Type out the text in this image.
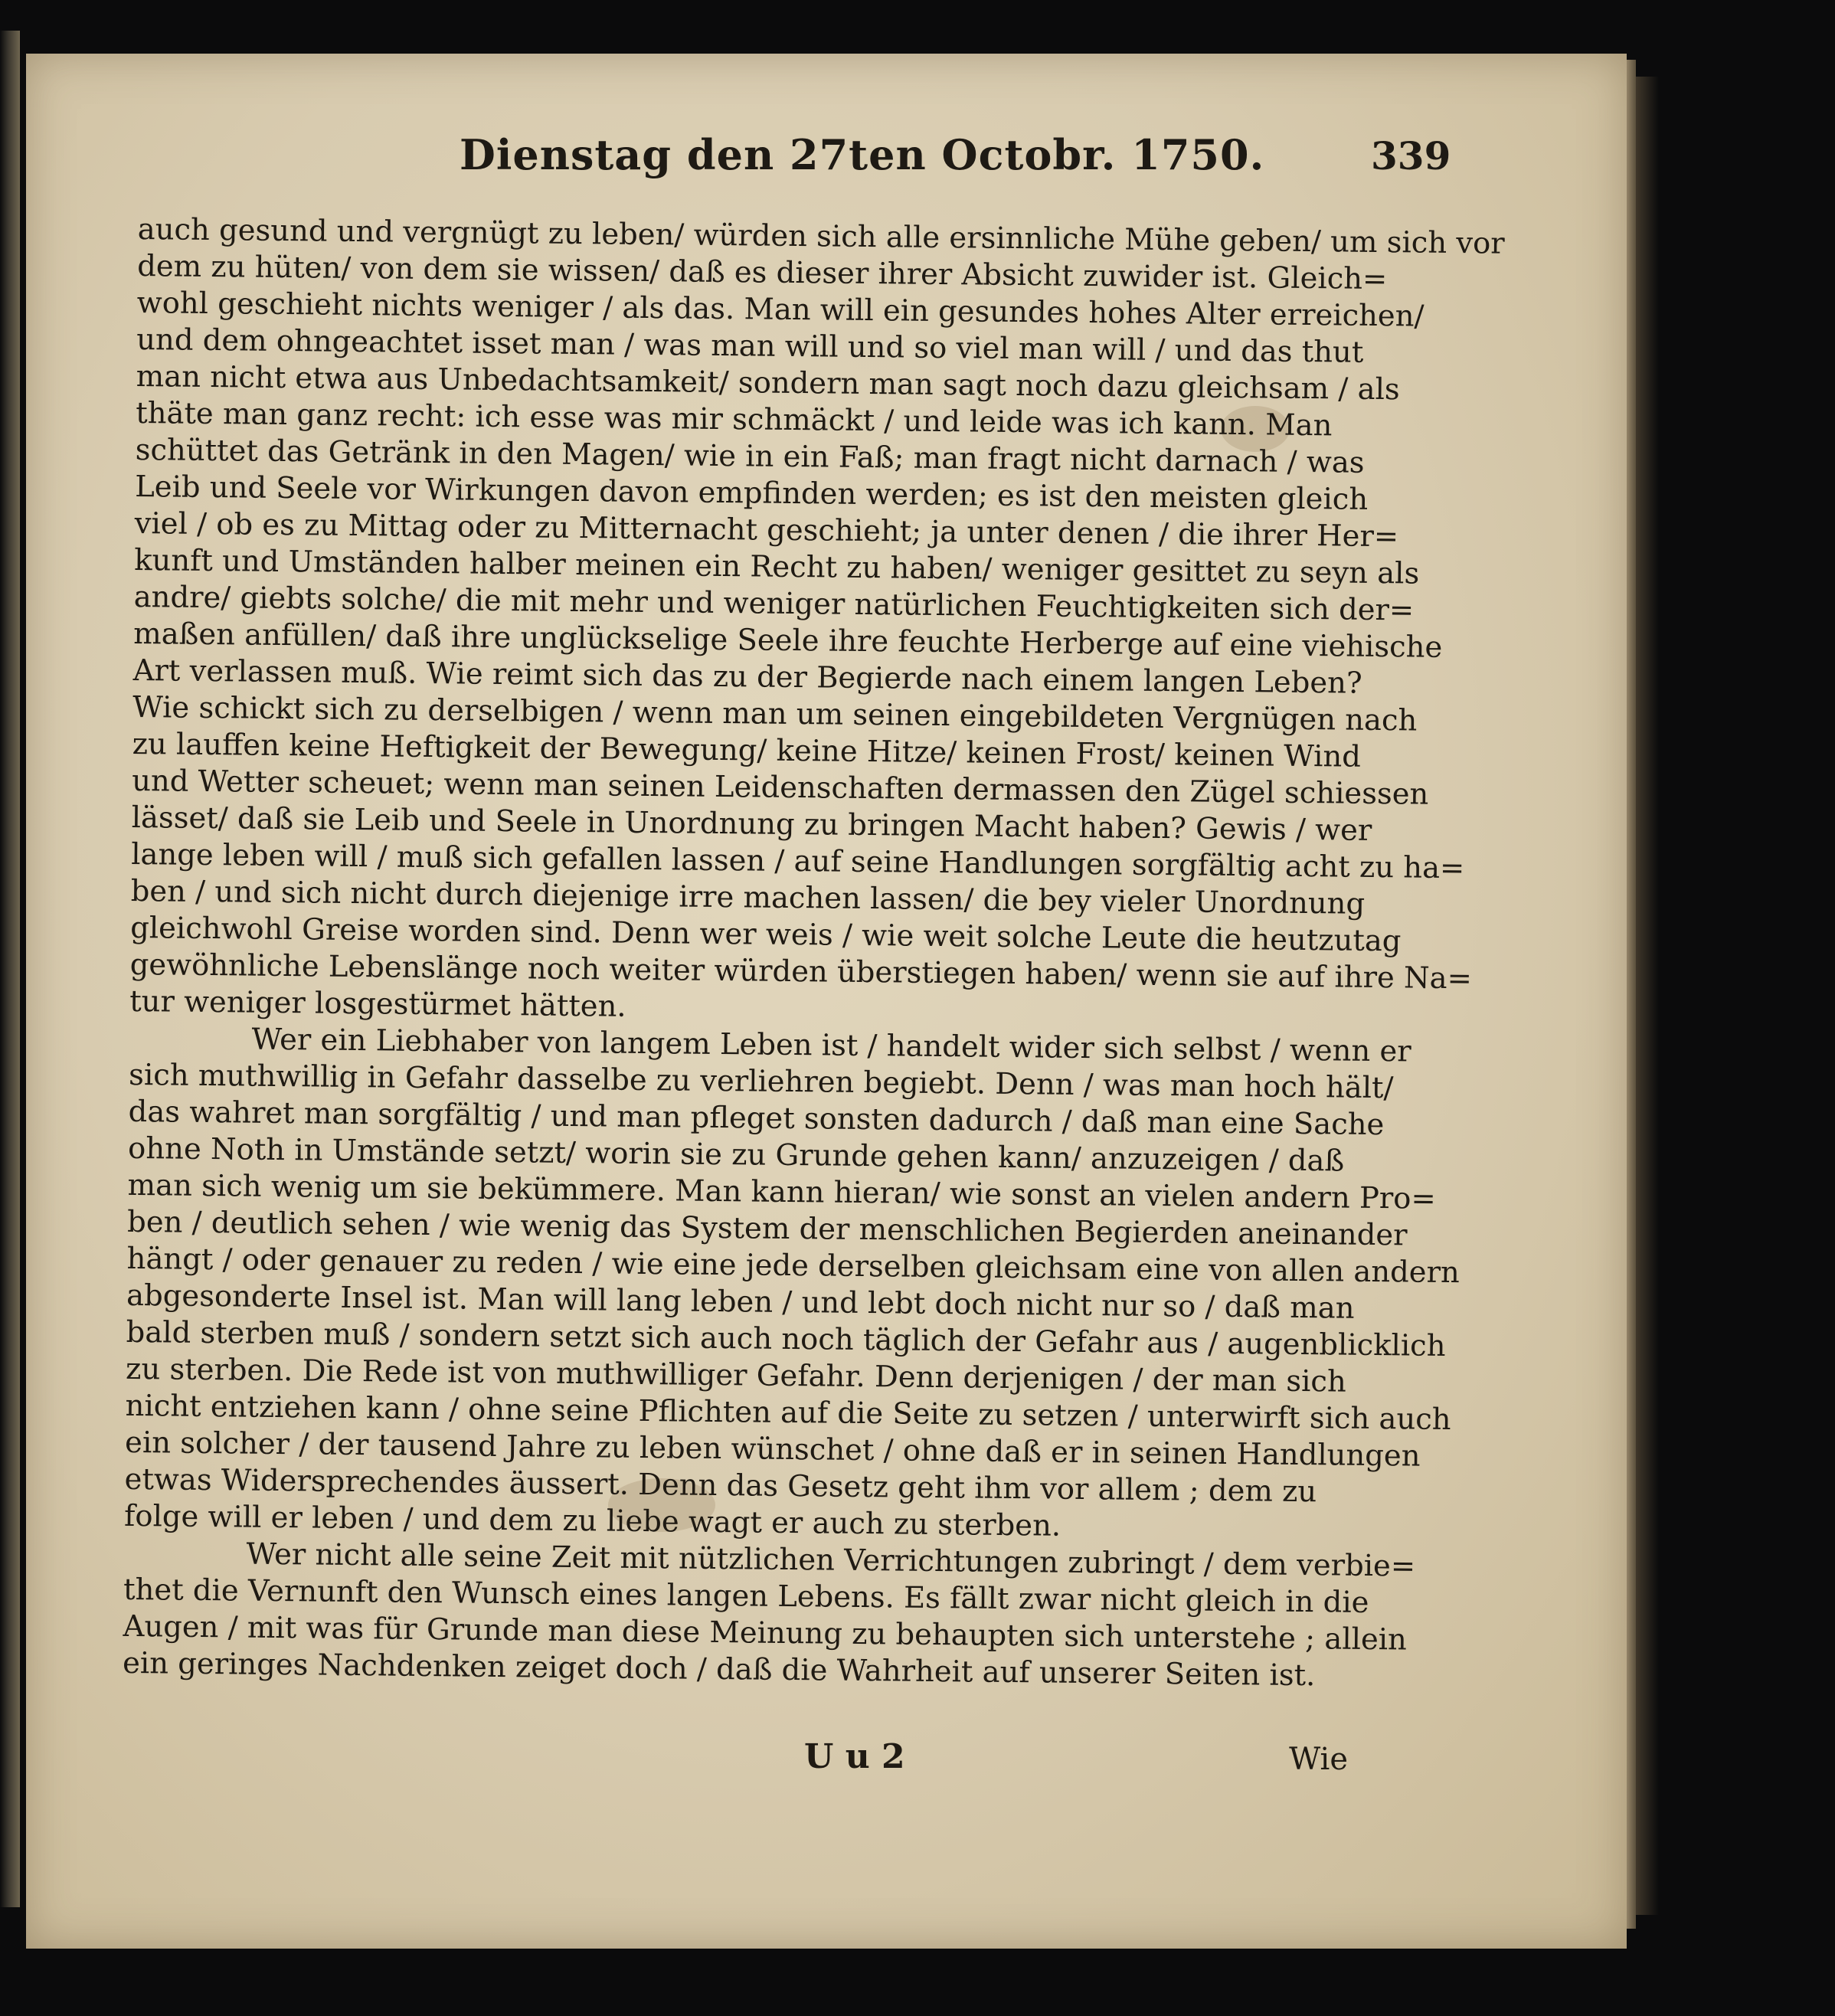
Dienstag den 27ten Octobr. 1750.	339
auch gesund und vergnügt zu leben/ würden sich alle ersinnliche Mühe geben/ um sich vor
dem zu hüten/ von dem sie wissen/ daß es dieser ihrer Absicht zuwider ist. Gleich=
wohl geschieht nichts weniger / als das. Man will ein gesundes hohes Alter erreichen/
und dem ohngeachtet isset man / was man will und so viel man will / und das thut
man nicht etwa aus Unbedachtsamkeit/ sondern man sagt noch dazu gleichsam / als
thäte man ganz recht: ich esse was mir schmäckt / und leide was ich kann. Man
schüttet das Getränk in den Magen/ wie in ein Faß; man fragt nicht darnach / was
Leib und Seele vor Wirkungen davon empfinden werden; es ist den meisten gleich
viel / ob es zu Mittag oder zu Mitternacht geschieht; ja unter denen / die ihrer Her=
kunft und Umständen halber meinen ein Recht zu haben/ weniger gesittet zu seyn als
andre/ giebts solche/ die mit mehr und weniger natürlichen Feuchtigkeiten sich der=
maßen anfüllen/ daß ihre unglückselige Seele ihre feuchte Herberge auf eine viehische
Art verlassen muß. Wie reimt sich das zu der Begierde nach einem langen Leben?
Wie schickt sich zu derselbigen / wenn man um seinen eingebildeten Vergnügen nach
zu lauffen keine Heftigkeit der Bewegung/ keine Hitze/ keinen Frost/ keinen Wind
und Wetter scheuet; wenn man seinen Leidenschaften dermassen den Zügel schiessen
lässet/ daß sie Leib und Seele in Unordnung zu bringen Macht haben? Gewis / wer
lange leben will / muß sich gefallen lassen / auf seine Handlungen sorgfältig acht zu ha=
ben / und sich nicht durch diejenige irre machen lassen/ die bey vieler Unordnung
gleichwohl Greise worden sind. Denn wer weis / wie weit solche Leute die heutzutag
gewöhnliche Lebenslänge noch weiter würden überstiegen haben/ wenn sie auf ihre Na=
tur weniger losgestürmet hätten.
Wer ein Liebhaber von langem Leben ist / handelt wider sich selbst / wenn er
sich muthwillig in Gefahr dasselbe zu verliehren begiebt. Denn / was man hoch hält/
das wahret man sorgfältig / und man pfleget sonsten dadurch / daß man eine Sache
ohne Noth in Umstände setzt/ worin sie zu Grunde gehen kann/ anzuzeigen / daß
man sich wenig um sie bekümmere. Man kann hieran/ wie sonst an vielen andern Pro=
ben / deutlich sehen / wie wenig das System der menschlichen Begierden aneinander
hängt / oder genauer zu reden / wie eine jede derselben gleichsam eine von allen andern
abgesonderte Insel ist. Man will lang leben / und lebt doch nicht nur so / daß man
bald sterben muß / sondern setzt sich auch noch täglich der Gefahr aus / augenblicklich
zu sterben. Die Rede ist von muthwilliger Gefahr. Denn derjenigen / der man sich
nicht entziehen kann / ohne seine Pflichten auf die Seite zu setzen / unterwirft sich auch
ein solcher / der tausend Jahre zu leben wünschet / ohne daß er in seinen Handlungen
etwas Widersprechendes äussert. Denn das Gesetz geht ihm vor allem ; dem zu
folge will er leben / und dem zu liebe wagt er auch zu sterben.
Wer nicht alle seine Zeit mit nützlichen Verrichtungen zubringt / dem verbie=
thet die Vernunft den Wunsch eines langen Lebens. Es fällt zwar nicht gleich in die
Augen / mit was für Grunde man diese Meinung zu behaupten sich unterstehe ; allein
ein geringes Nachdenken zeiget doch / daß die Wahrheit auf unserer Seiten ist.
U u 2	Wie
